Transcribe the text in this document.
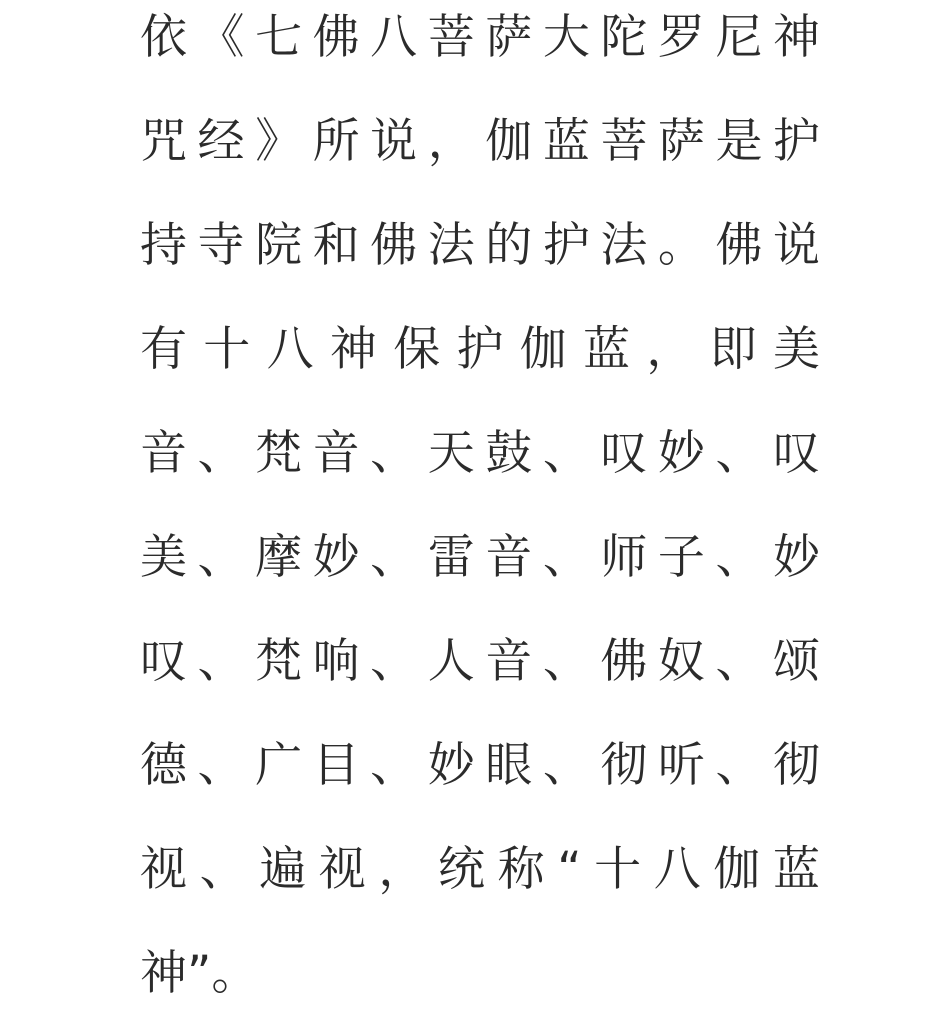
依《七佛八菩萨大陀罗尼神
咒经》所说，伽蓝菩萨是护
持寺院和佛法的护法。佛说
有十八神保护伽蓝，即美
音、梵音、天鼓、叹妙、叹
美、摩妙、雷音、师子、妙
叹、梵响、人音、佛奴、颂
德、广目、妙眼、彻听、彻
视、遍视，统称“十八伽蓝
神”。
